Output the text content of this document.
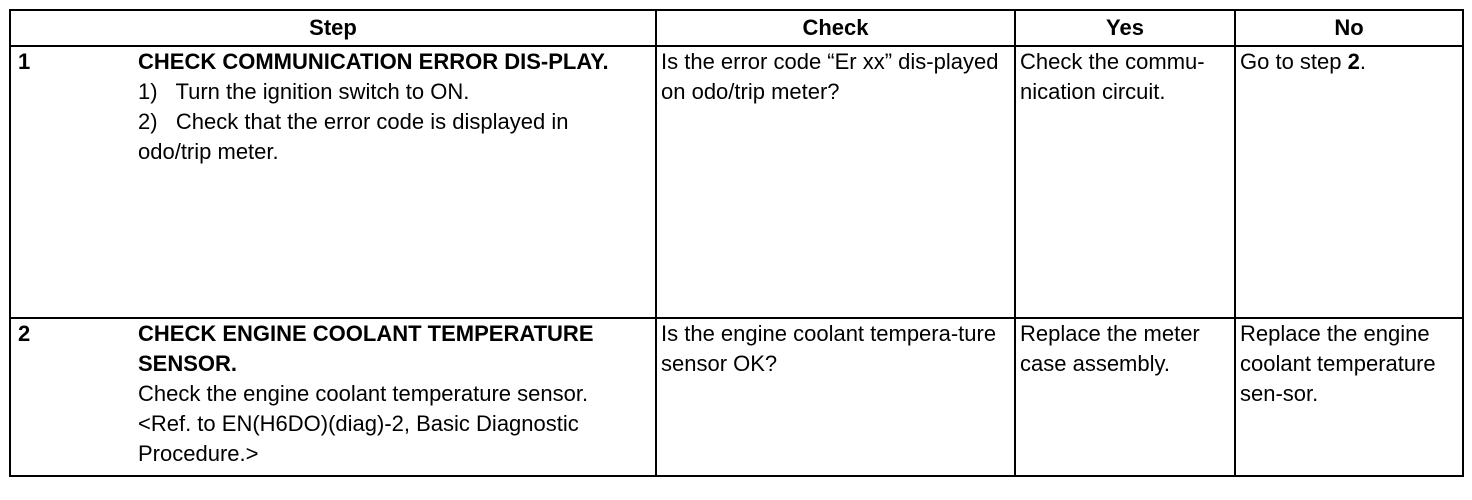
Step	Check	Yes	No

1 CHECK COMMUNICATION ERROR DIS-PLAY.
1)   Turn the ignition switch to ON.
2)   Check that the error code is displayed in odo/trip meter.	Is the error code “Er xx” dis-played on odo/trip meter?	Check the commu-nication circuit.	Go to step 2.

2 CHECK ENGINE COOLANT TEMPERATURE SENSOR.
Check the engine coolant temperature sensor.
<Ref. to EN(H6DO)(diag)-2, Basic Diagnostic Procedure.>	Is the engine coolant tempera-ture sensor OK?	Replace the meter case assembly.	Replace the engine coolant temperature sen-sor.
